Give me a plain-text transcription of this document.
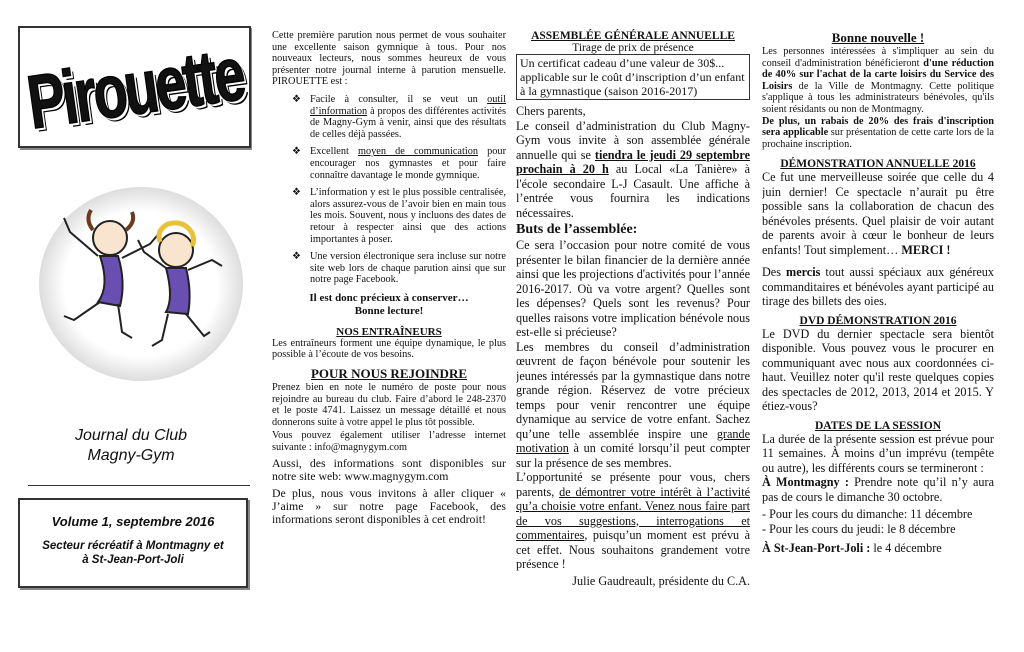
Pirouette
Journal du Club
Magny-Gym
Volume 1, septembre 2016
Secteur récréatif à Montmagny et
à St-Jean-Port-Joli

Cette première parution nous permet de vous souhaiter une excellente saison gymnique à tous. Pour nos nouveaux lecteurs, nous sommes heureux de vous présenter notre journal interne à parution mensuelle. PIROUETTE est :

❖ Facile à consulter, il se veut un outil d’information à propos des différentes activités de Magny-Gym à venir, ainsi que des résultats de celles déjà passées.
❖ Excellent moyen de communication pour encourager nos gymnastes et pour faire connaître davantage le monde gymnique.
❖ L’information y est le plus possible centralisée, alors assurez-vous de l’avoir bien en main tous les mois. Souvent, nous y incluons des dates de retour à respecter ainsi que des actions importantes à poser.
❖ Une version électronique sera incluse sur notre site web lors de chaque parution ainsi que sur notre page Facebook.
Il est donc précieux à conserver…
Bonne lecture!

NOS ENTRAÎNEURS

Les entraîneurs forment une équipe dynamique, le plus possible à l’écoute de vos besoins.

POUR NOUS REJOINDRE

Prenez bien en note le numéro de poste pour nous rejoindre au bureau du club. Faire d’abord le 248-2370 et le poste 4741. Laissez un message détaillé et nous donnerons suite à votre appel le plus tôt possible.

Vous pouvez également utiliser l’adresse internet suivante : info@magnygym.com

Aussi, des informations sont disponibles sur notre site web: www.magnygym.com

De plus, nous vous invitons à aller cliquer « J’aime » sur notre page Facebook, des informations seront disponibles à cet endroit!

ASSEMBLÉE GÉNÉRALE ANNUELLE

Tirage de prix de présence

Un certificat cadeau d’une valeur de 30$... applicable sur le coût d’inscription d’un enfant à la gymnastique (saison 2016-2017)

Chers parents,

Le conseil d’administration du Club Magny-Gym vous invite à son assemblée générale annuelle qui se tiendra le jeudi 29 septembre prochain à 20 h au Local «La Tanière» à l'école secondaire L-J Casault. Une affiche à l’entrée vous fournira les indications nécessaires.

Buts de l’assemblée:

Ce sera l’occasion pour notre comité de vous présenter le bilan financier de la dernière année ainsi que les projections d'activités pour l’année 2016-2017. Où va votre argent? Quelles sont les dépenses? Quels sont les revenus? Pour quelles raisons votre implication bénévole nous est-elle si précieuse?

Les membres du conseil d’administration œuvrent de façon bénévole pour soutenir les jeunes intéressés par la gymnastique dans notre grande région. Réservez de votre précieux temps pour venir rencontrer une équipe dynamique au service de votre enfant. Sachez qu’une telle assemblée inspire une grande motivation à un comité lorsqu’il peut compter sur la présence de ses membres.

L’opportunité se présente pour vous, chers parents, de démontrer votre intérêt à l’activité qu’a choisie votre enfant. Venez nous faire part de vos suggestions, interrogations et commentaires, puisqu’un moment est prévu à cet effet. Nous souhaitons grandement votre présence !

Julie Gaudreault, présidente du C.A.

Bonne nouvelle !

Les personnes intéressées à s'impliquer au sein du conseil d'administration bénéficieront d'une réduction de 40% sur l'achat de la carte loisirs du Service des Loisirs de la Ville de Montmagny. Cette politique s'applique à tous les administrateurs bénévoles, qu'ils soient résidants ou non de Montmagny.

De plus, un rabais de 20% des frais d'inscription sera applicable sur présentation de cette carte lors de la prochaine inscription.

DÉMONSTRATION ANNUELLE 2016

Ce fut une merveilleuse soirée que celle du 4 juin dernier! Ce spectacle n’aurait pu être possible sans la collaboration de chacun des bénévoles présents. Quel plaisir de voir autant de parents avoir à cœur le bonheur de leurs enfants! Tout simplement… MERCI !

Des mercis tout aussi spéciaux aux généreux commanditaires et bénévoles ayant participé au tirage des billets des oies.

DVD DÉMONSTRATION 2016

Le DVD du dernier spectacle sera bientôt disponible. Vous pouvez vous le procurer en communiquant avec nous aux coordonnées ci-haut. Veuillez noter qu'il reste quelques copies des spectacles de 2012, 2013, 2014 et 2015. Y étiez-vous?

DATES DE LA SESSION

La durée de la présente session est prévue pour 11 semaines. À moins d’un imprévu (tempête ou autre), les différents cours se termineront :

À Montmagny : Prendre note qu’il n’y aura pas de cours le dimanche 30 octobre.

- Pour les cours du dimanche: 11 décembre

- Pour les cours du jeudi: le 8 décembre

À St-Jean-Port-Joli : le 4 décembre
